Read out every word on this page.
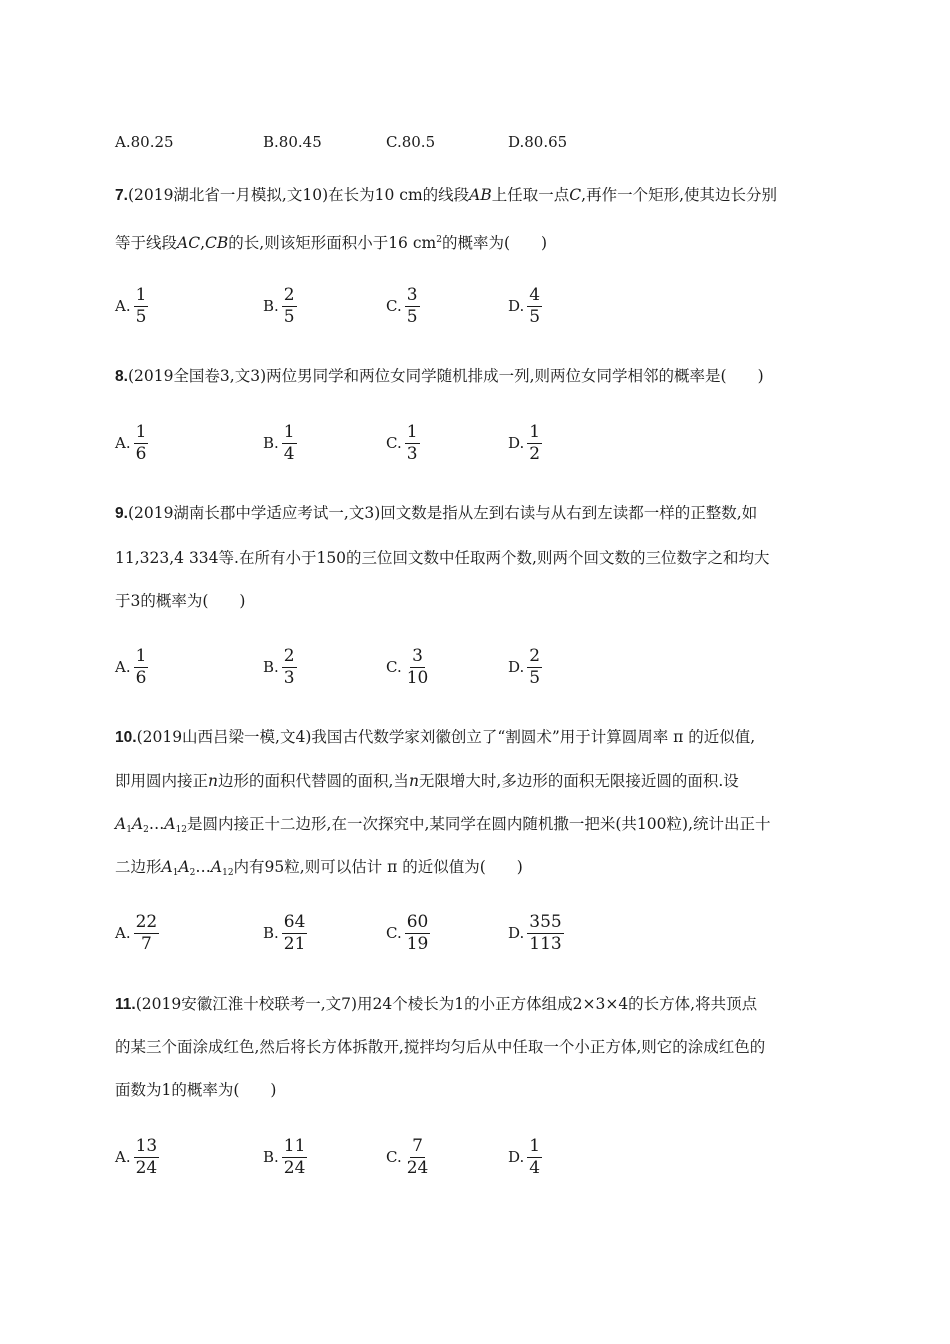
A.80.25	B.80.45	C.80.5	D.80.65
7.(2019湖北省一月模拟,文10)在长为10 cm的线段AB上任取一点C,再作一个矩形,使其边长分别
等于线段AC,CB的长,则该矩形面积小于16 $cm^2$的概率为(　　)
A. $\frac{1}{5}$	B. $\frac{2}{5}$	C. $\frac{3}{5}$	D. $\frac{4}{5}$
8.(2019全国卷3,文3)两位男同学和两位女同学随机排成一列,则两位女同学相邻的概率是(　　)
A. $\frac{1}{6}$	B. $\frac{1}{4}$	C. $\frac{1}{3}$	D. $\frac{1}{2}$
9.(2019湖南长郡中学适应考试一,文3)回文数是指从左到右读与从右到左读都一样的正整数,如
11,323,4 334等.在所有小于150的三位回文数中任取两个数,则两个回文数的三位数字之和均大
于3的概率为(　　)
A. $\frac{1}{6}$	B. $\frac{2}{3}$	C. $\frac{3}{10}$	D. $\frac{2}{5}$
10.(2019山西吕梁一模,文4)我国古代数学家刘徽创立了“割圆术”用于计算圆周率 π 的近似值,
即用圆内接正n边形的面积代替圆的面积,当n无限增大时,多边形的面积无限接近圆的面积.设
$A_1A_2\dots A_{12}$是圆内接正十二边形,在一次探究中,某同学在圆内随机撒一把米(共100粒),统计出正十
二边形$A_1A_2\dots A_{12}$内有95粒,则可以估计 π 的近似值为(　　)
A. $\frac{22}{7}$	B. $\frac{64}{21}$	C. $\frac{60}{19}$	D. $\frac{355}{113}$
11.(2019安徽江淮十校联考一,文7)用24个棱长为1的小正方体组成2×3×4的长方体,将共顶点
的某三个面涂成红色,然后将长方体拆散开,搅拌均匀后从中任取一个小正方体,则它的涂成红色的
面数为1的概率为(　　)
A. $\frac{13}{24}$	B. $\frac{11}{24}$	C. $\frac{7}{24}$	D. $\frac{1}{4}$
